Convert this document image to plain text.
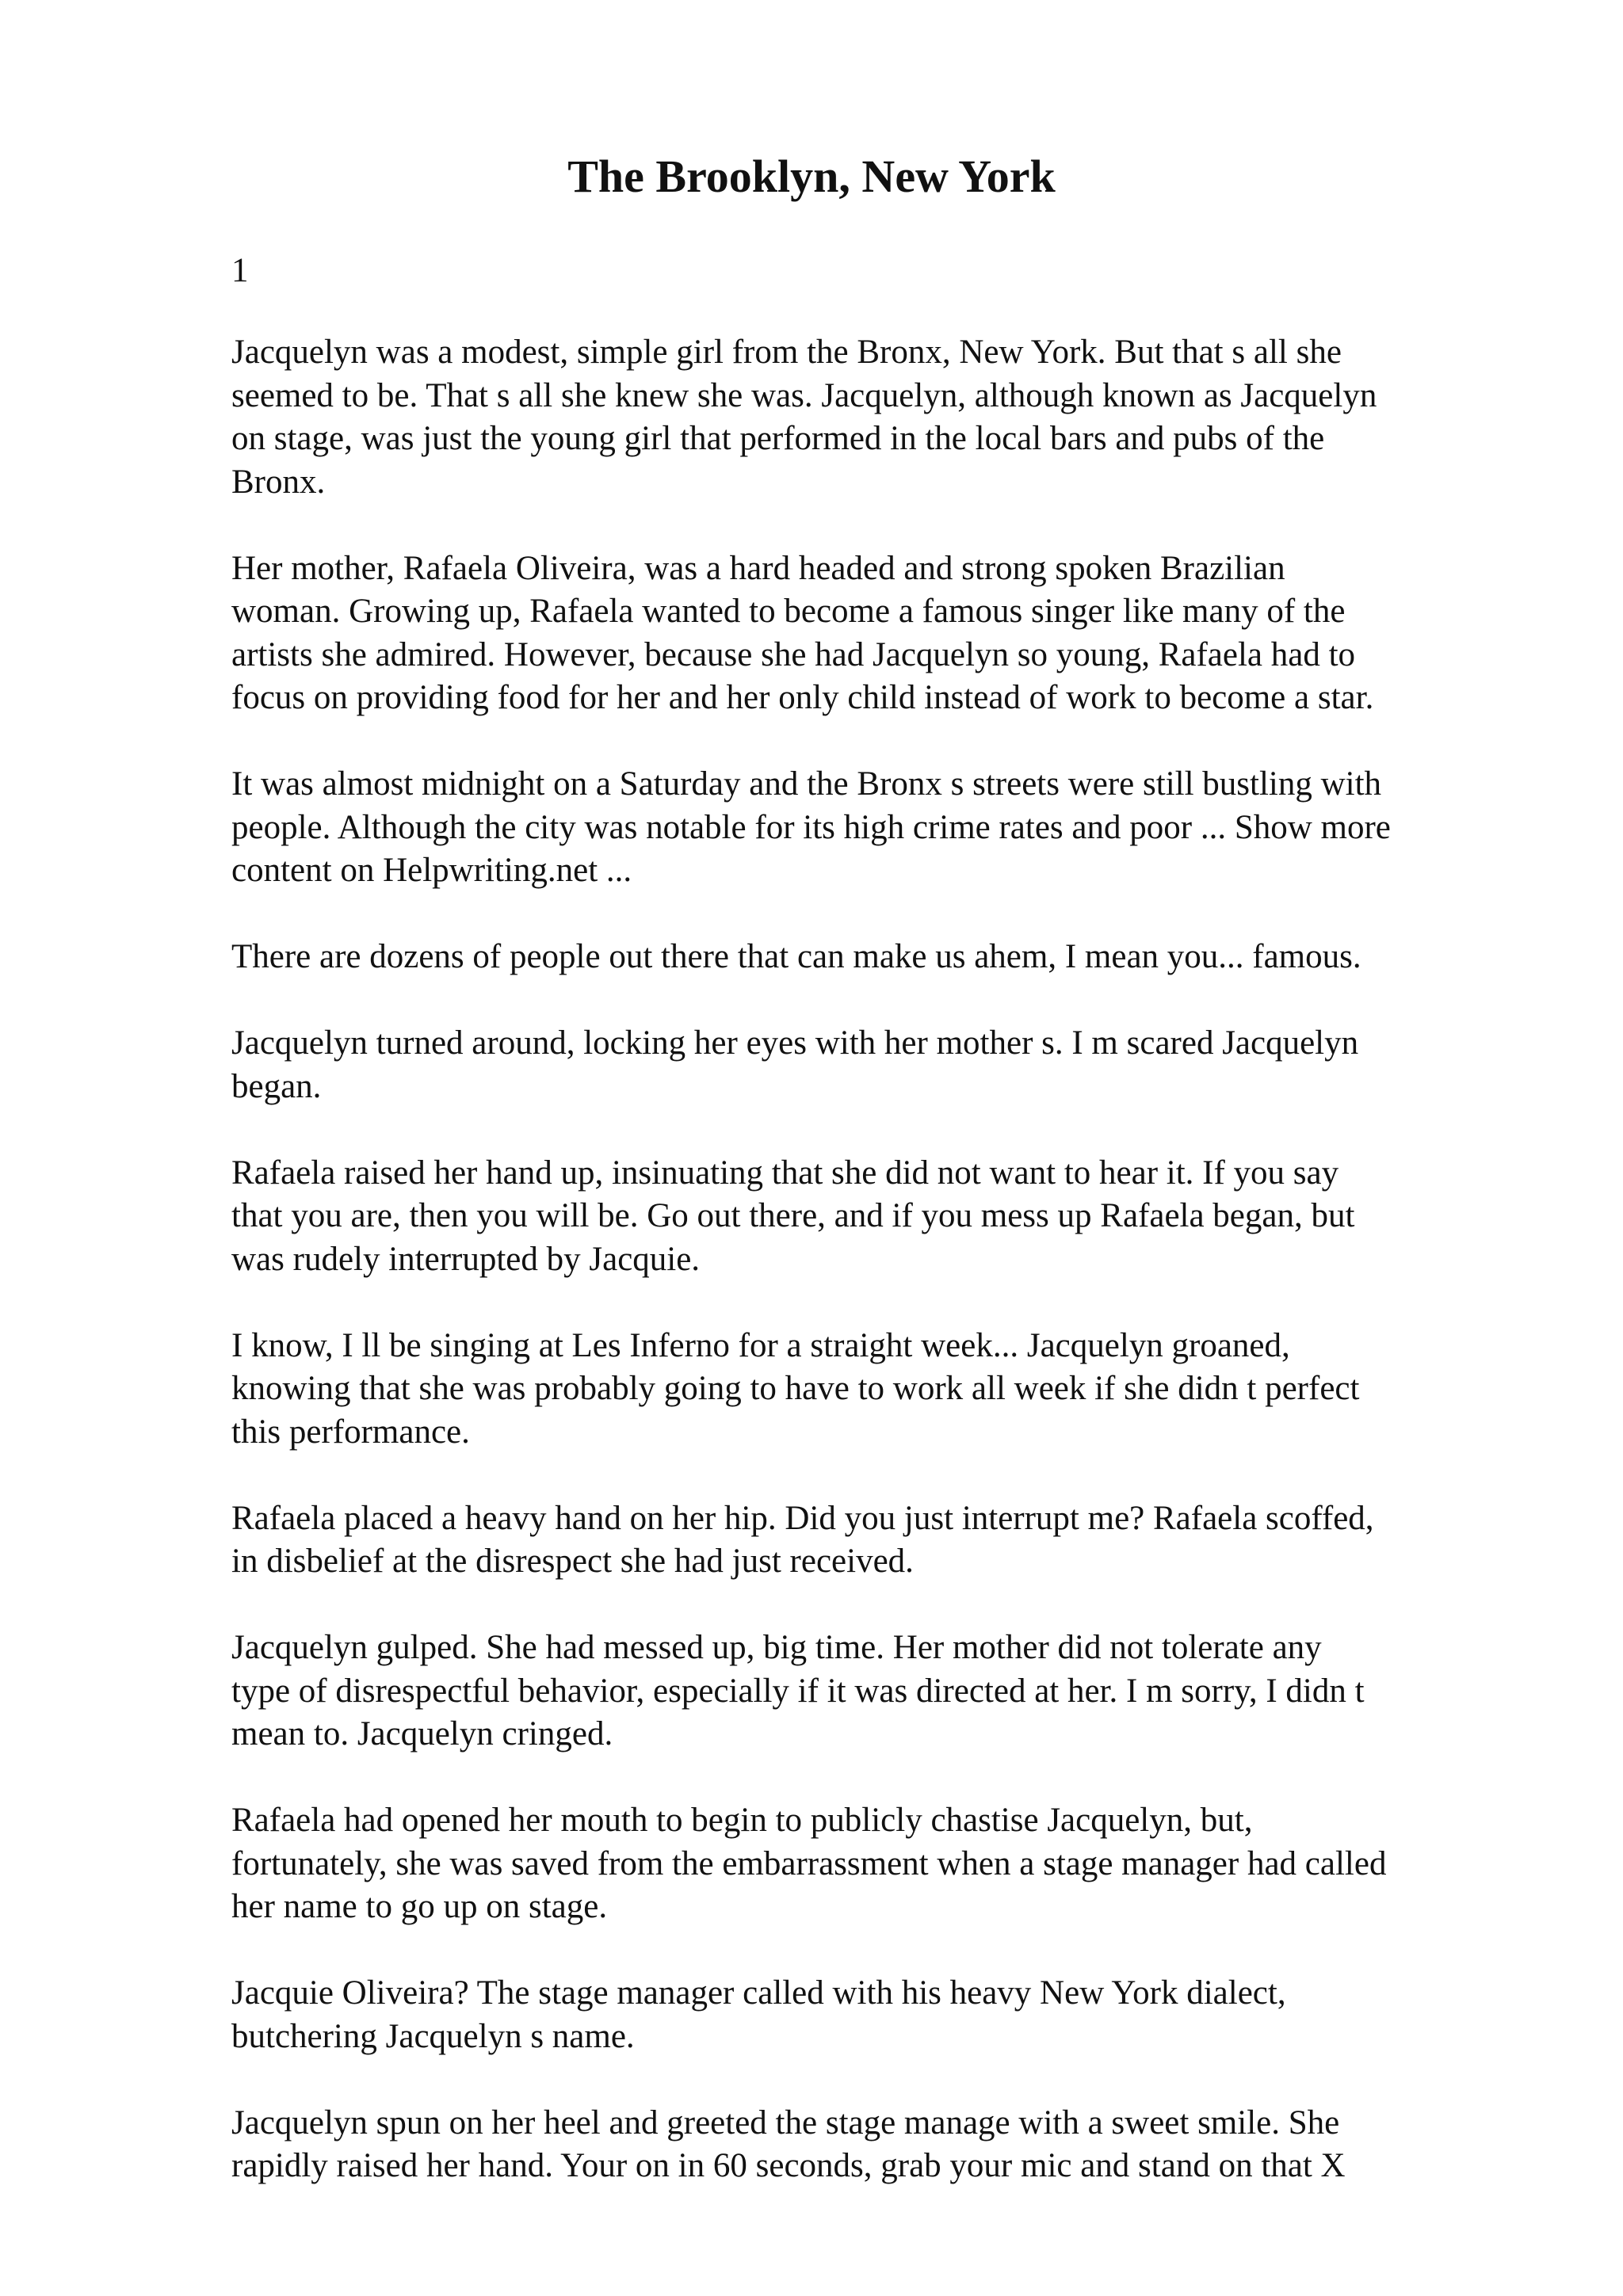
The Brooklyn, New York
1

Jacquelyn was a modest, simple girl from the Bronx, New York. But that s all she
seemed to be. That s all she knew she was. Jacquelyn, although known as Jacquelyn
on stage, was just the young girl that performed in the local bars and pubs of the
Bronx.

Her mother, Rafaela Oliveira, was a hard headed and strong spoken Brazilian
woman. Growing up, Rafaela wanted to become a famous singer like many of the
artists she admired. However, because she had Jacquelyn so young, Rafaela had to
focus on providing food for her and her only child instead of work to become a star.

It was almost midnight on a Saturday and the Bronx s streets were still bustling with
people. Although the city was notable for its high crime rates and poor ... Show more
content on Helpwriting.net ...

There are dozens of people out there that can make us ahem, I mean you... famous.

Jacquelyn turned around, locking her eyes with her mother s. I m scared Jacquelyn
began.

Rafaela raised her hand up, insinuating that she did not want to hear it. If you say
that you are, then you will be. Go out there, and if you mess up Rafaela began, but
was rudely interrupted by Jacquie.

I know, I ll be singing at Les Inferno for a straight week... Jacquelyn groaned,
knowing that she was probably going to have to work all week if she didn t perfect
this performance.

Rafaela placed a heavy hand on her hip. Did you just interrupt me? Rafaela scoffed,
in disbelief at the disrespect she had just received.

Jacquelyn gulped. She had messed up, big time. Her mother did not tolerate any
type of disrespectful behavior, especially if it was directed at her. I m sorry, I didn t
mean to. Jacquelyn cringed.

Rafaela had opened her mouth to begin to publicly chastise Jacquelyn, but,
fortunately, she was saved from the embarrassment when a stage manager had called
her name to go up on stage.

Jacquie Oliveira? The stage manager called with his heavy New York dialect,
butchering Jacquelyn s name.

Jacquelyn spun on her heel and greeted the stage manage with a sweet smile. She
rapidly raised her hand. Your on in 60 seconds, grab your mic and stand on that X
